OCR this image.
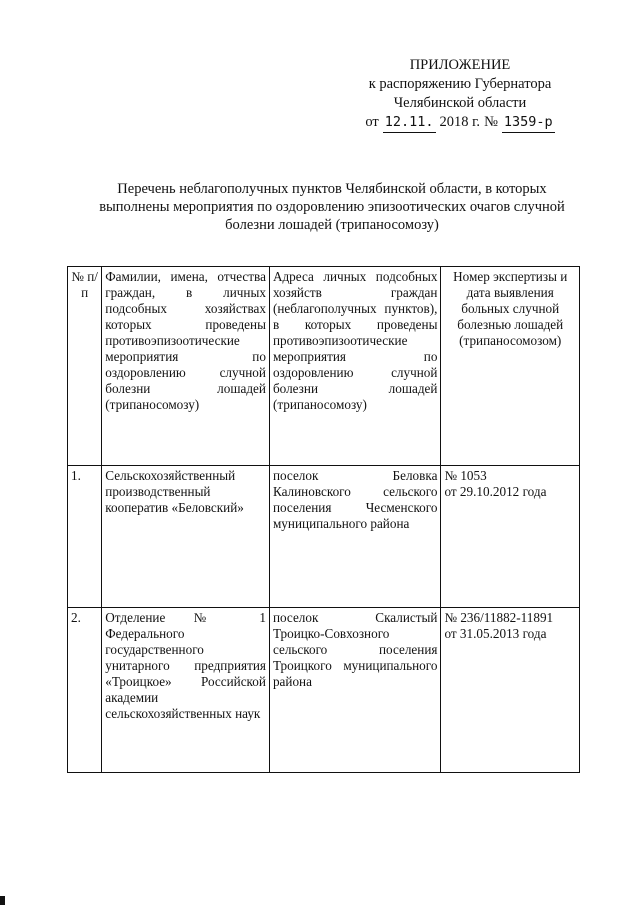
ПРИЛОЖЕНИЕ
к распоряжению Губернатора
Челябинской области
от 12.11. 2018 г. № 1359-р
Перечень неблагополучных пунктов Челябинской области, в которых выполнены мероприятия по оздоровлению эпизоотических очагов случной болезни лошадей (трипаносомозу)
№ п/п	Фамилии, имена, отчества граждан, в личных подсобных хозяйствах которых проведены противоэпизоотические мероприятия по оздоровлению случной болезни лошадей (трипаносомозу)	Адреса личных подсобных хозяйств граждан (неблагополучных пунктов), в которых проведены противоэпизоотические мероприятия по оздоровлению случной болезни лошадей (трипаносомозу)	Номер экспертизы и дата выявления больных случной болезнью лошадей (трипаносомозом)
1.	Сельскохозяйственный производственный кооператив «Беловский»	поселок Беловка Калиновского сельского поселения Чесменского муниципального района	№ 1053
от 29.10.2012 года

2.	Отделение № 1 Федерального государственного унитарного предприятия «Троицкое» Российской академии сельскохозяйственных наук	поселок Скалистый Троицко-Совхозного сельского поселения Троицкого муниципального района	№ 236/11882-11891
от 31.05.2013 года
